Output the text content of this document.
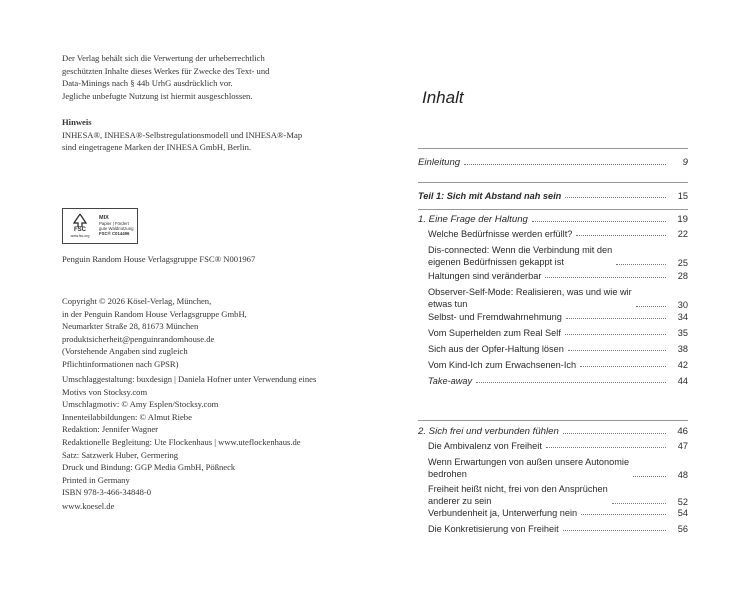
Der Verlag behält sich die Verwertung der urheberrechtlich
geschützten Inhalte dieses Werkes für Zwecke des Text- und
Data-Minings nach § 44b UrhG ausdrücklich vor.
Jegliche unbefugte Nutzung ist hiermit ausgeschlossen.
Hinweis
INHESA®, INHESA®-Selbstregulationsmodell und INHESA®-Map
sind eingetragene Marken der INHESA GmbH, Berlin.
FSC
www.fsc.org
MIX
Papier | Fördert
gute Waldnutzung
FSC® C014496
Penguin Random House Verlagsgruppe FSC® N001967
Copyright © 2026 Kösel-Verlag, München,
in der Penguin Random House Verlagsgruppe GmbH,
Neumarkter Straße 28, 81673 München
produktsicherheit@penguinrandomhouse.de
(Vorstehende Angaben sind zugleich
Pflichtinformationen nach GPSR)
Umschlaggestaltung: buxdesign | Daniela Hofner unter Verwendung eines
Motivs von Stocksy.com
Umschlagmotiv: © Amy Esplen/Stocksy.com
Innenteilabbildungen: © Almut Riebe
Redaktion: Jennifer Wagner
Redaktionelle Begleitung: Ute Flockenhaus | www.uteflockenhaus.de
Satz: Satzwerk Huber, Germering
Druck und Bindung: GGP Media GmbH, Pößneck
Printed in Germany
ISBN 978-3-466-34848-0
www.koesel.de
Inhalt
Einleitung	9
Teil 1: Sich mit Abstand nah sein	15
1. Eine Frage der Haltung	19
Welche Bedürfnisse werden erfüllt?	22
Dis-connected: Wenn die Verbindung mit den
eigenen Bedürfnissen gekappt ist	25
Haltungen sind veränderbar	28
Observer-Self-Mode: Realisieren, was und wie wir
etwas tun	30
Selbst- und Fremdwahrnehmung	34
Vom Superhelden zum Real Self	35
Sich aus der Opfer-Haltung lösen	38
Vom Kind-Ich zum Erwachsenen-Ich	42
Take-away	44
2. Sich frei und verbunden fühlen	46
Die Ambivalenz von Freiheit	47
Wenn Erwartungen von außen unsere Autonomie
bedrohen	48
Freiheit heißt nicht, frei von den Ansprüchen
anderer zu sein	52
Verbundenheit ja, Unterwerfung nein	54
Die Konkretisierung von Freiheit	56
